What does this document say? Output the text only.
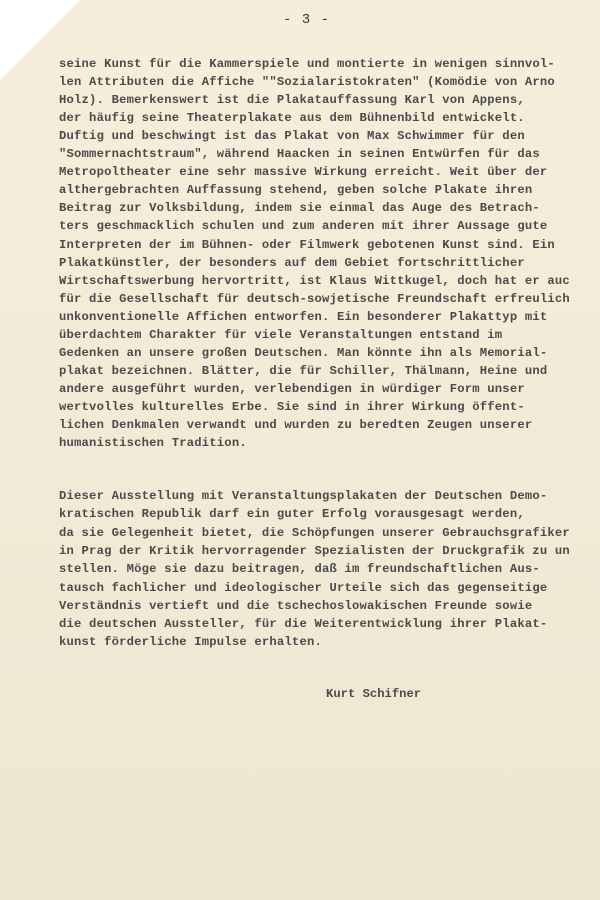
- 3 -
seine Kunst für die Kammerspiele und montierte in wenigen sinnvol-
len Attributen die Affiche ""Sozialaristokraten" (Komödie von Arno
Holz). Bemerkenswert ist die Plakatauffassung Karl von Appens,
der häufig seine Theaterplakate aus dem Bühnenbild entwickelt.
Duftig und beschwingt ist das Plakat von Max Schwimmer für den
"Sommernachtstraum", während Haacken in seinen Entwürfen für das
Metropoltheater eine sehr massive Wirkung erreicht. Weit über der
althergebrachten Auffassung stehend, geben solche Plakate ihren
Beitrag zur Volksbildung, indem sie einmal das Auge des Betrach-
ters geschmacklich schulen und zum anderen mit ihrer Aussage gute
Interpreten der im Bühnen- oder Filmwerk gebotenen Kunst sind. Ein
Plakatkünstler, der besonders auf dem Gebiet fortschrittlicher
Wirtschaftswerbung hervortritt, ist Klaus Wittkugel, doch hat er auc
für die Gesellschaft für deutsch-sowjetische Freundschaft erfreulich
unkonventionelle Affichen entworfen. Ein besonderer Plakattyp mit
überdachtem Charakter für viele Veranstaltungen entstand im
Gedenken an unsere großen Deutschen. Man könnte ihn als Memorial-
plakat bezeichnen. Blätter, die für Schiller, Thälmann, Heine und
andere ausgeführt wurden, verlebendigen in würdiger Form unser
wertvolles kulturelles Erbe. Sie sind in ihrer Wirkung öffent-
lichen Denkmalen verwandt und wurden zu beredten Zeugen unserer
humanistischen Tradition.
Dieser Ausstellung mit Veranstaltungsplakaten der Deutschen Demo-
kratischen Republik darf ein guter Erfolg vorausgesagt werden,
da sie Gelegenheit bietet, die Schöpfungen unserer Gebrauchsgrafiker
in Prag der Kritik hervorragender Spezialisten der Druckgrafik zu un
stellen. Möge sie dazu beitragen, daß im freundschaftlichen Aus-
tausch fachlicher und ideologischer Urteile sich das gegenseitige
Verständnis vertieft und die tschechoslowakischen Freunde sowie
die deutschen Aussteller, für die Weiterentwicklung ihrer Plakat-
kunst förderliche Impulse erhalten.
Kurt Schifner
